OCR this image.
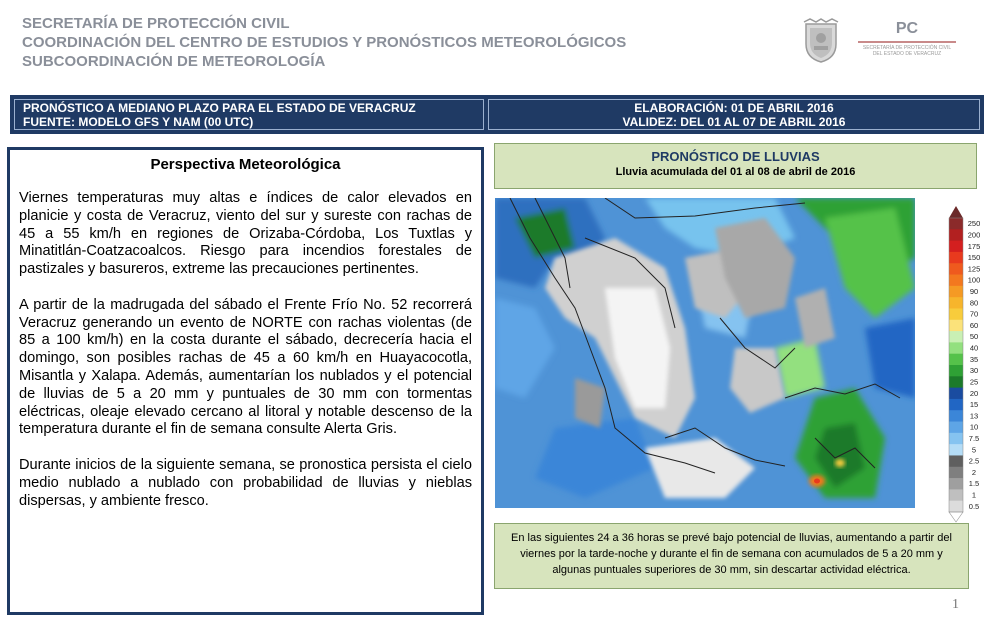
SECRETARÍA DE PROTECCIÓN CIVIL
COORDINACIÓN DEL CENTRO DE ESTUDIOS Y PRONÓSTICOS METEOROLÓGICOS
SUBCOORDINACIÓN DE METEOROLOGÍA
PC
SECRETARÍA DE PROTECCIÓN CIVIL
DEL ESTADO DE VERACRUZ
PRONÓSTICO A MEDIANO PLAZO PARA EL ESTADO DE VERACRUZ
FUENTE: MODELO GFS Y NAM (00 UTC)
ELABORACIÓN: 01 DE ABRIL 2016
VALIDEZ: DEL 01 AL 07 DE ABRIL 2016
Perspectiva Meteorológica

Viernes temperaturas muy altas e índices de calor elevados en planicie y costa de Veracruz, viento del sur y sureste con rachas de 45 a 55 km/h en regiones de Orizaba-Córdoba, Los Tuxtlas y Minatitlán-Coatzacoalcos. Riesgo para incendios forestales de pastizales y basureros, extreme las precauciones pertinentes.

A partir de la madrugada del sábado el Frente Frío No. 52 recorrerá Veracruz generando un evento de NORTE con rachas violentas (de 85 a 100 km/h) en la costa durante el sábado, decrecería hacia el domingo, son posibles rachas de 45 a 60 km/h en Huayacocotla, Misantla y Xalapa. Además, aumentarían los nublados y el potencial de lluvias de 5 a 20 mm y puntuales de 30 mm con tormentas eléctricas, oleaje elevado cercano al litoral y notable descenso de la temperatura durante el fin de semana consulte Alerta Gris.

Durante inicios de la siguiente semana, se pronostica persista el cielo medio nublado a nublado con probabilidad de lluvias y nieblas dispersas, y ambiente fresco.

PRONÓSTICO DE LLUVIAS
Lluvia acumulada del 01 al 08 de abril de 2016
250
200
175
150
125
100
90
80
70
60
50
40
35
30
25
20
15
13
10
7.5
5
2.5
2
1.5
1
0.5
En las siguientes 24 a 36 horas se prevé bajo potencial de lluvias, aumentando a partir del viernes por la tarde-noche y durante el fin de semana con acumulados de 5 a 20 mm y algunas puntuales superiores de 30 mm, sin descartar actividad eléctrica.
1
